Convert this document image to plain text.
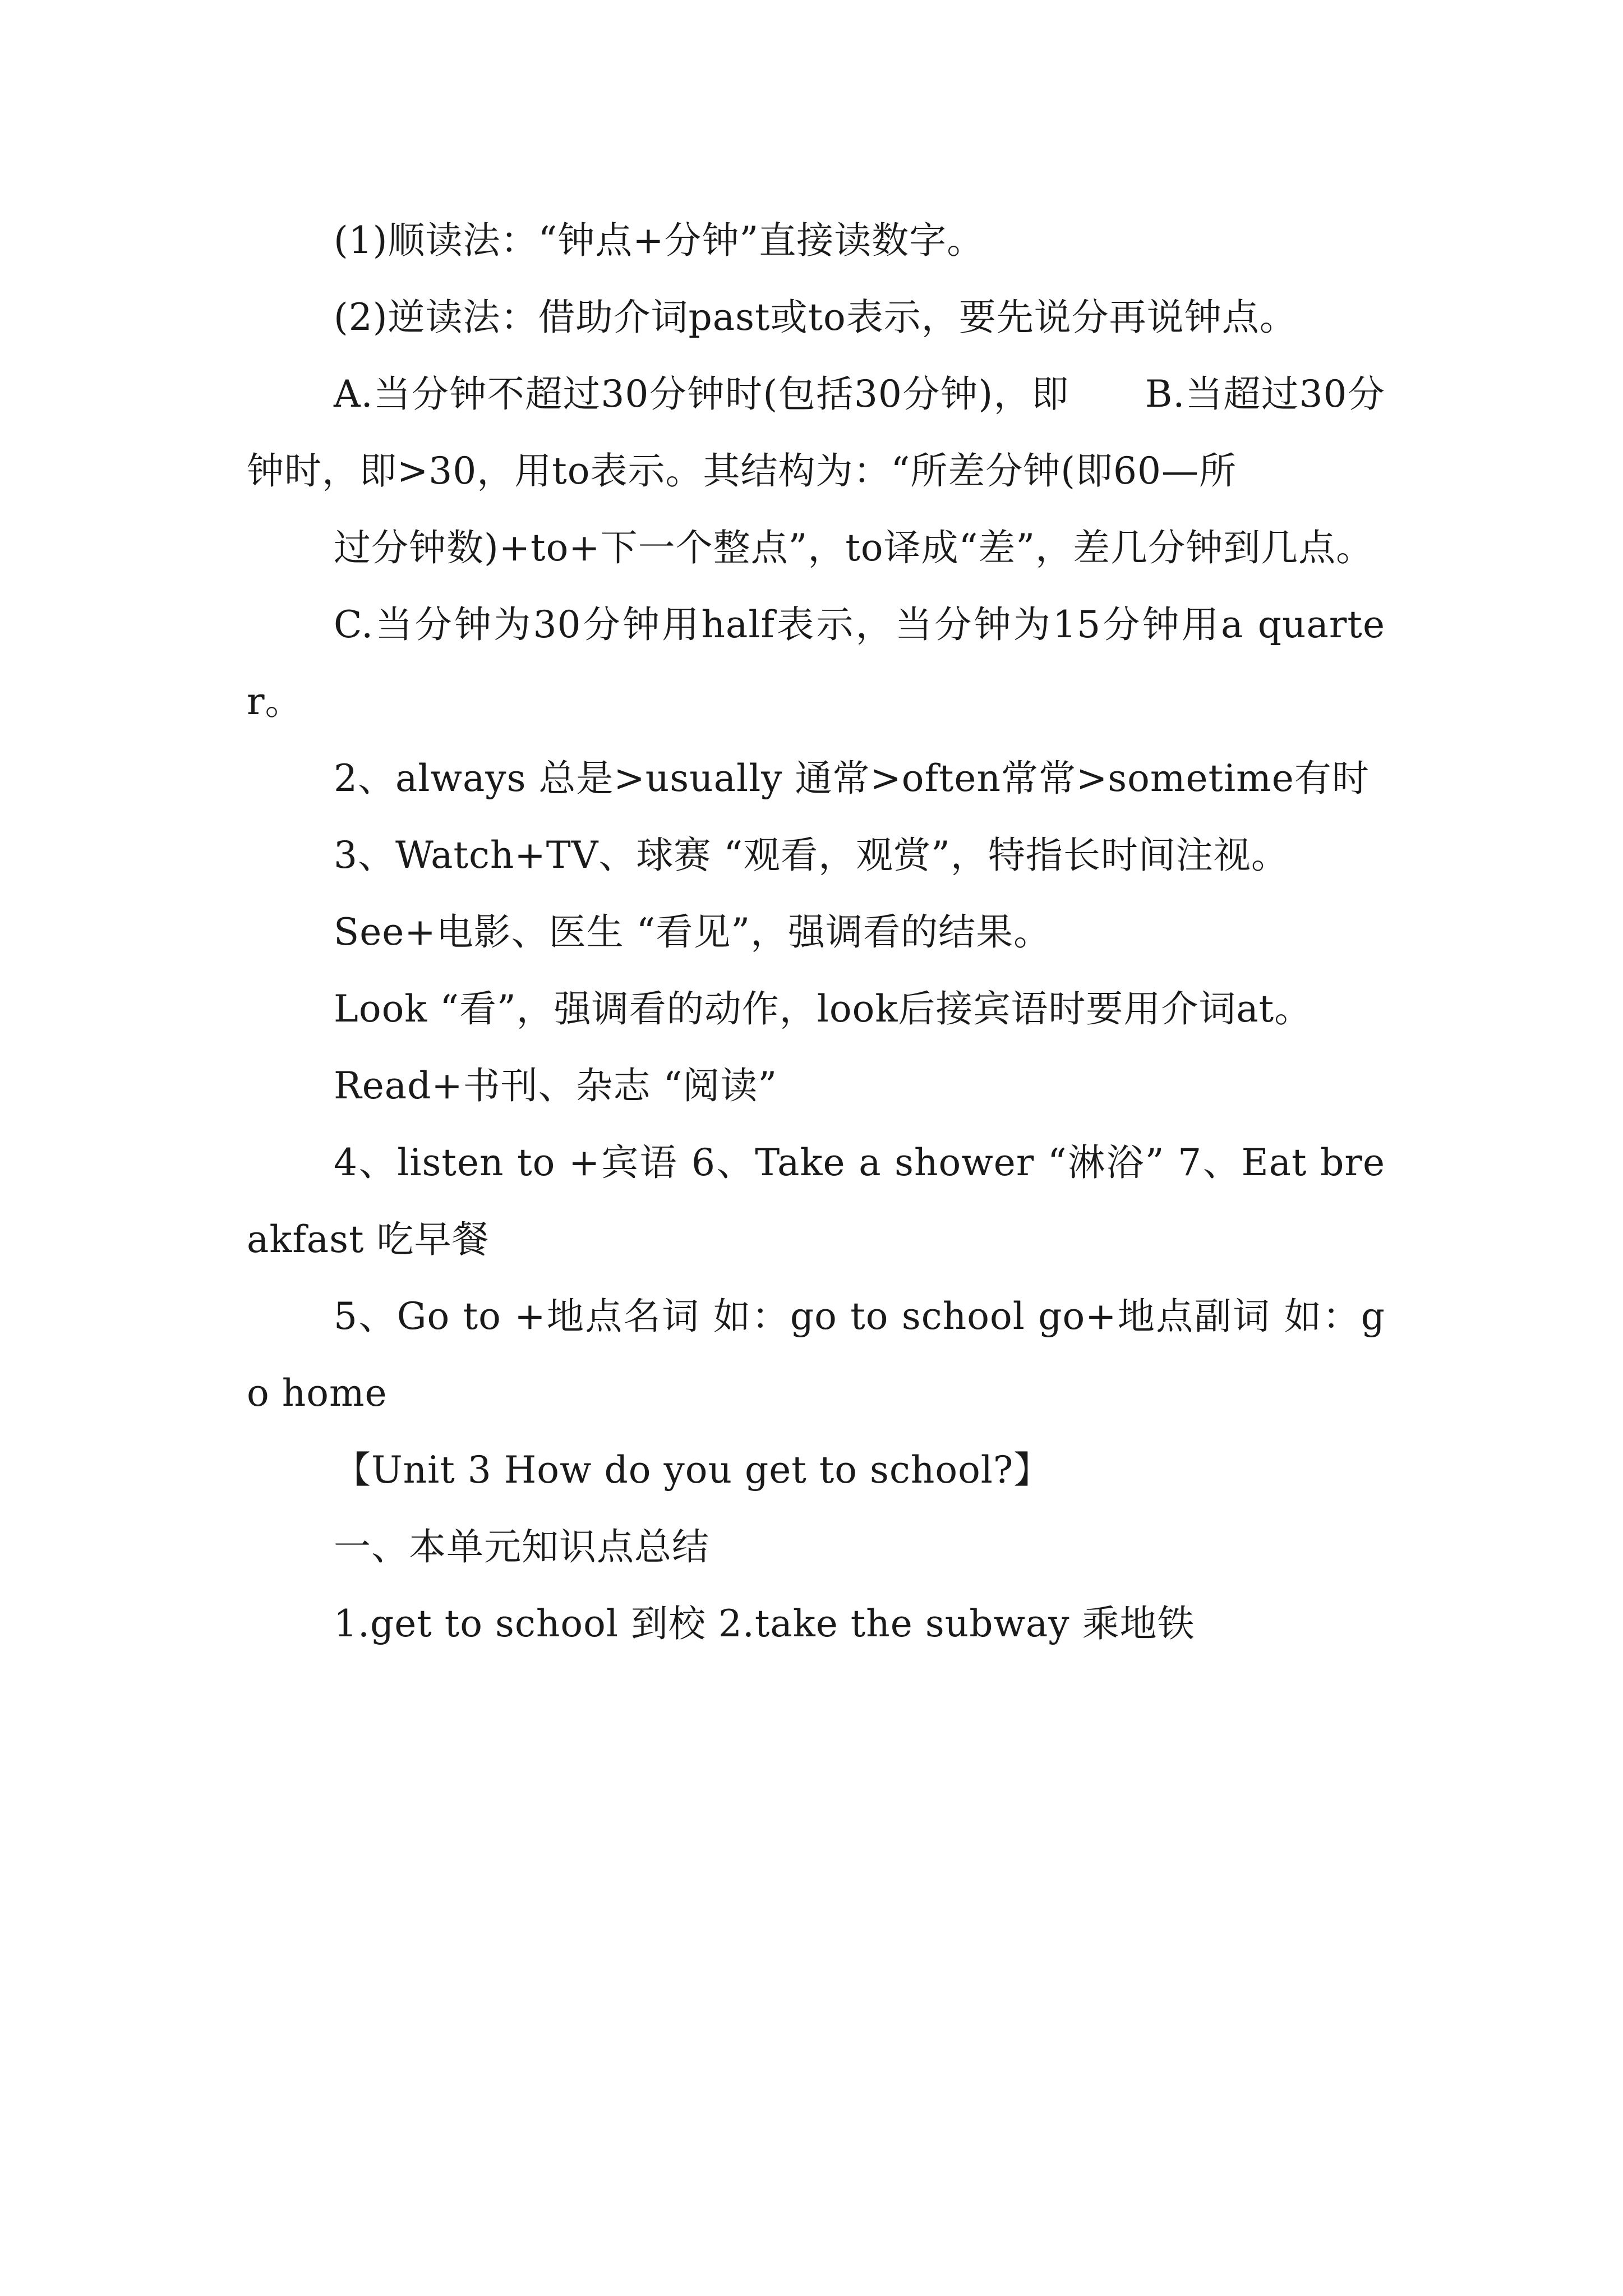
(1)顺读法：“钟点+分钟”直接读数字。

(2)逆读法：借助介词past或to表示，要先说分再说钟点。

A.当分钟不超过30分钟时(包括30分钟)，即　　B.当超过30分钟时，即>30，用to表示。其结构为：“所差分钟(即60—所

过分钟数)+to+下一个整点”，to译成“差”，差几分钟到几点。

C.当分钟为30分钟用half表示，当分钟为15分钟用a quarter。

2、always 总是>usually 通常>often常常>sometime有时

3、Watch+TV、球赛 “观看，观赏”，特指长时间注视。

See+电影、医生 “看见”，强调看的结果。

Look “看”，强调看的动作，look后接宾语时要用介词at。

Read+书刊、杂志 “阅读”

4、listen to +宾语 6、Take a shower “淋浴” 7、Eat breakfast 吃早餐

5、Go to +地点名词 如：go to school go+地点副词 如：go home

【Unit 3 How do you get to school?】

一、本单元知识点总结

1.get to school 到校 2.take the subway 乘地铁
